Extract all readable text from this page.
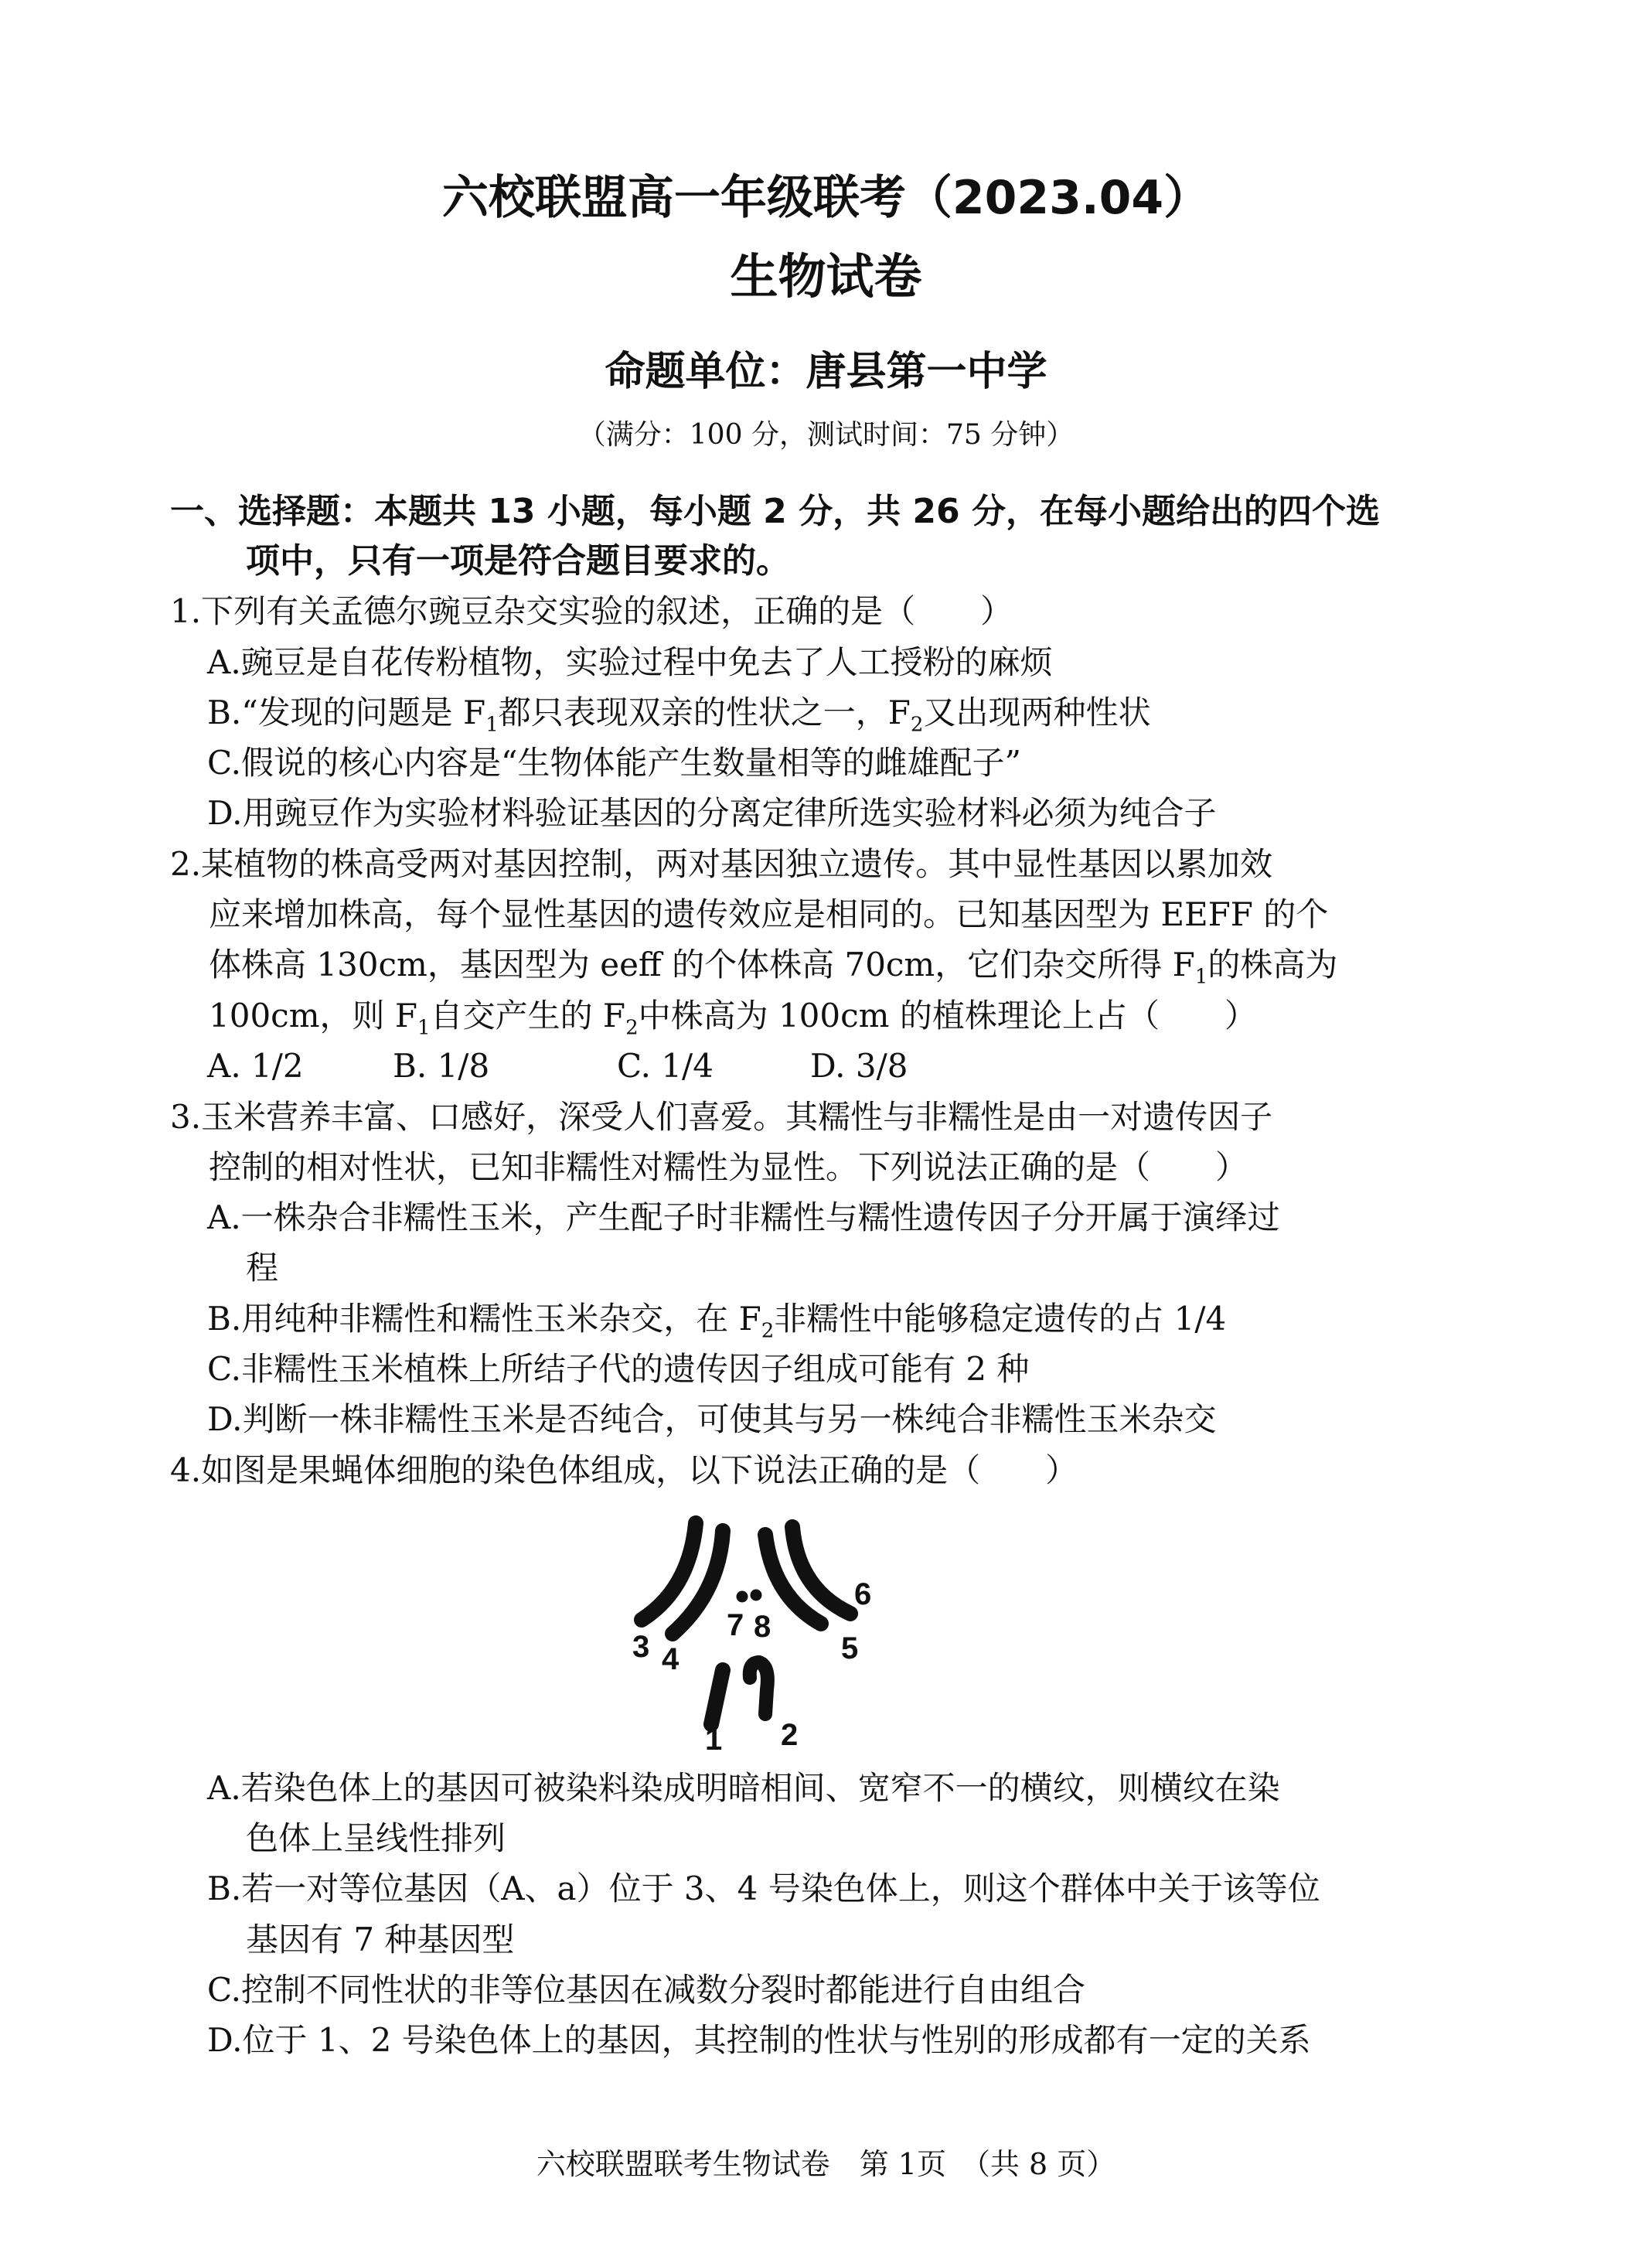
六校联盟高一年级联考（2023.04）
生物试卷
命题单位：唐县第一中学
（满分：100 分，测试时间：75 分钟）
一、选择题：本题共 13 小题，每小题 2 分，共 26 分，在每小题给出的四个选
项中，只有一项是符合题目要求的。
1.下列有关孟德尔豌豆杂交实验的叙述，正确的是（　　）
A.豌豆是自花传粉植物，实验过程中免去了人工授粉的麻烦
B.“发现的问题是 $F_1$都只表现双亲的性状之一，$F_2$又出现两种性状
C.假说的核心内容是“生物体能产生数量相等的雌雄配子”
D.用豌豆作为实验材料验证基因的分离定律所选实验材料必须为纯合子
2.某植物的株高受两对基因控制，两对基因独立遗传。其中显性基因以累加效
应来增加株高，每个显性基因的遗传效应是相同的。已知基因型为 EEFF 的个
体株高 130cm，基因型为 eeff 的个体株高 70cm，它们杂交所得 $F_1$的株高为
100cm，则 $F_1$自交产生的 $F_2$中株高为 100cm 的植株理论上占（　　）
A. 1/2	B. 1/8	C. 1/4	D. 3/8
3.玉米营养丰富、口感好，深受人们喜爱。其糯性与非糯性是由一对遗传因子
控制的相对性状，已知非糯性对糯性为显性。下列说法正确的是（　　）
A.一株杂合非糯性玉米，产生配子时非糯性与糯性遗传因子分开属于演绎过
程
B.用纯种非糯性和糯性玉米杂交，在 $F_2$非糯性中能够稳定遗传的占 1/4
C.非糯性玉米植株上所结子代的遗传因子组成可能有 2 种
D.判断一株非糯性玉米是否纯合，可使其与另一株纯合非糯性玉米杂交
4.如图是果蝇体细胞的染色体组成，以下说法正确的是（　　）
1 2
3 4	5
6
7 8
A.若染色体上的基因可被染料染成明暗相间、宽窄不一的横纹，则横纹在染
色体上呈线性排列
B.若一对等位基因（A、a）位于 3、4 号染色体上，则这个群体中关于该等位
基因有 7 种基因型
C.控制不同性状的非等位基因在减数分裂时都能进行自由组合
D.位于 1、2 号染色体上的基因，其控制的性状与性别的形成都有一定的关系
六校联盟联考生物试卷　第 1页　（共 8 页）
